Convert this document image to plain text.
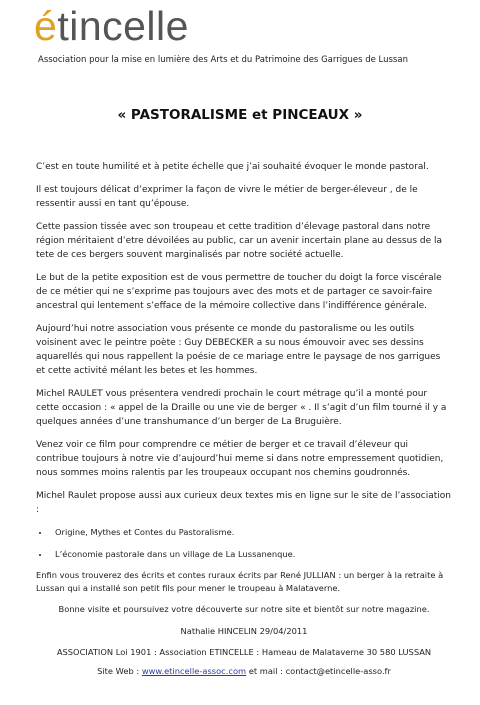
étincelle
Association pour la mise en lumière des Arts et du Patrimoine des Garrigues de Lussan
« PASTORALISME et PINCEAUX »

C’est en toute humilité et à petite échelle que j’ai souhaité évoquer le monde pastoral.

Il est toujours délicat d’exprimer la façon de vivre le métier de berger-éleveur , de le ressentir aussi en tant qu’épouse.

Cette passion tissée avec son troupeau et cette tradition d’élevage pastoral dans notre région méritaient d’etre dévoilées au public, car un avenir incertain plane au dessus de la tete de ces bergers souvent marginalisés par notre société actuelle.

Le but de la petite exposition est de vous permettre de toucher du doigt la force viscérale de ce métier qui ne s’exprime pas toujours avec des mots et de partager ce savoir-faire ancestral qui lentement s’efface de la mémoire collective dans l’indifférence générale.

Aujourd’hui notre association vous présente ce monde du pastoralisme ou les outils voisinent avec le peintre poète : Guy DEBECKER a su nous émouvoir avec ses dessins aquarellés qui nous rappellent la poésie de ce mariage entre le paysage de nos garrigues et cette activité mélant les betes et les hommes.

Michel RAULET vous présentera vendredi prochain le court métrage qu’il a monté pour cette occasion : « appel de la Draille ou une vie de berger « . Il s’agit d’un film tourné il y a quelques années d’une transhumance d’un berger de La Bruguière.

Venez voir ce film pour comprendre ce métier de berger et ce travail d’éleveur qui contribue toujours à notre vie d’aujourd’hui meme si dans notre empressement quotidien, nous sommes moins ralentis par les troupeaux occupant nos chemins goudronnés.

Michel Raulet propose aussi aux curieux deux textes mis en ligne sur le site de l’association :

• Origine, Mythes et Contes du Pastoralisme.
• L’économie pastorale dans un village de La Lussanenque.

Enfin vous trouverez des écrits et contes ruraux écrits par René JULLIAN : un berger à la retraite à Lussan qui a installé son petit fils pour mener le troupeau à Malataverne.

Bonne visite et poursuivez votre découverte sur notre site et bientôt sur notre magazine.

Nathalie HINCELIN 29/04/2011

ASSOCIATION Loi 1901 : Association ETINCELLE : Hameau de Malataverne 30 580 LUSSAN

Site Web : www.etincelle-assoc.com et mail : contact@etincelle-asso.fr
